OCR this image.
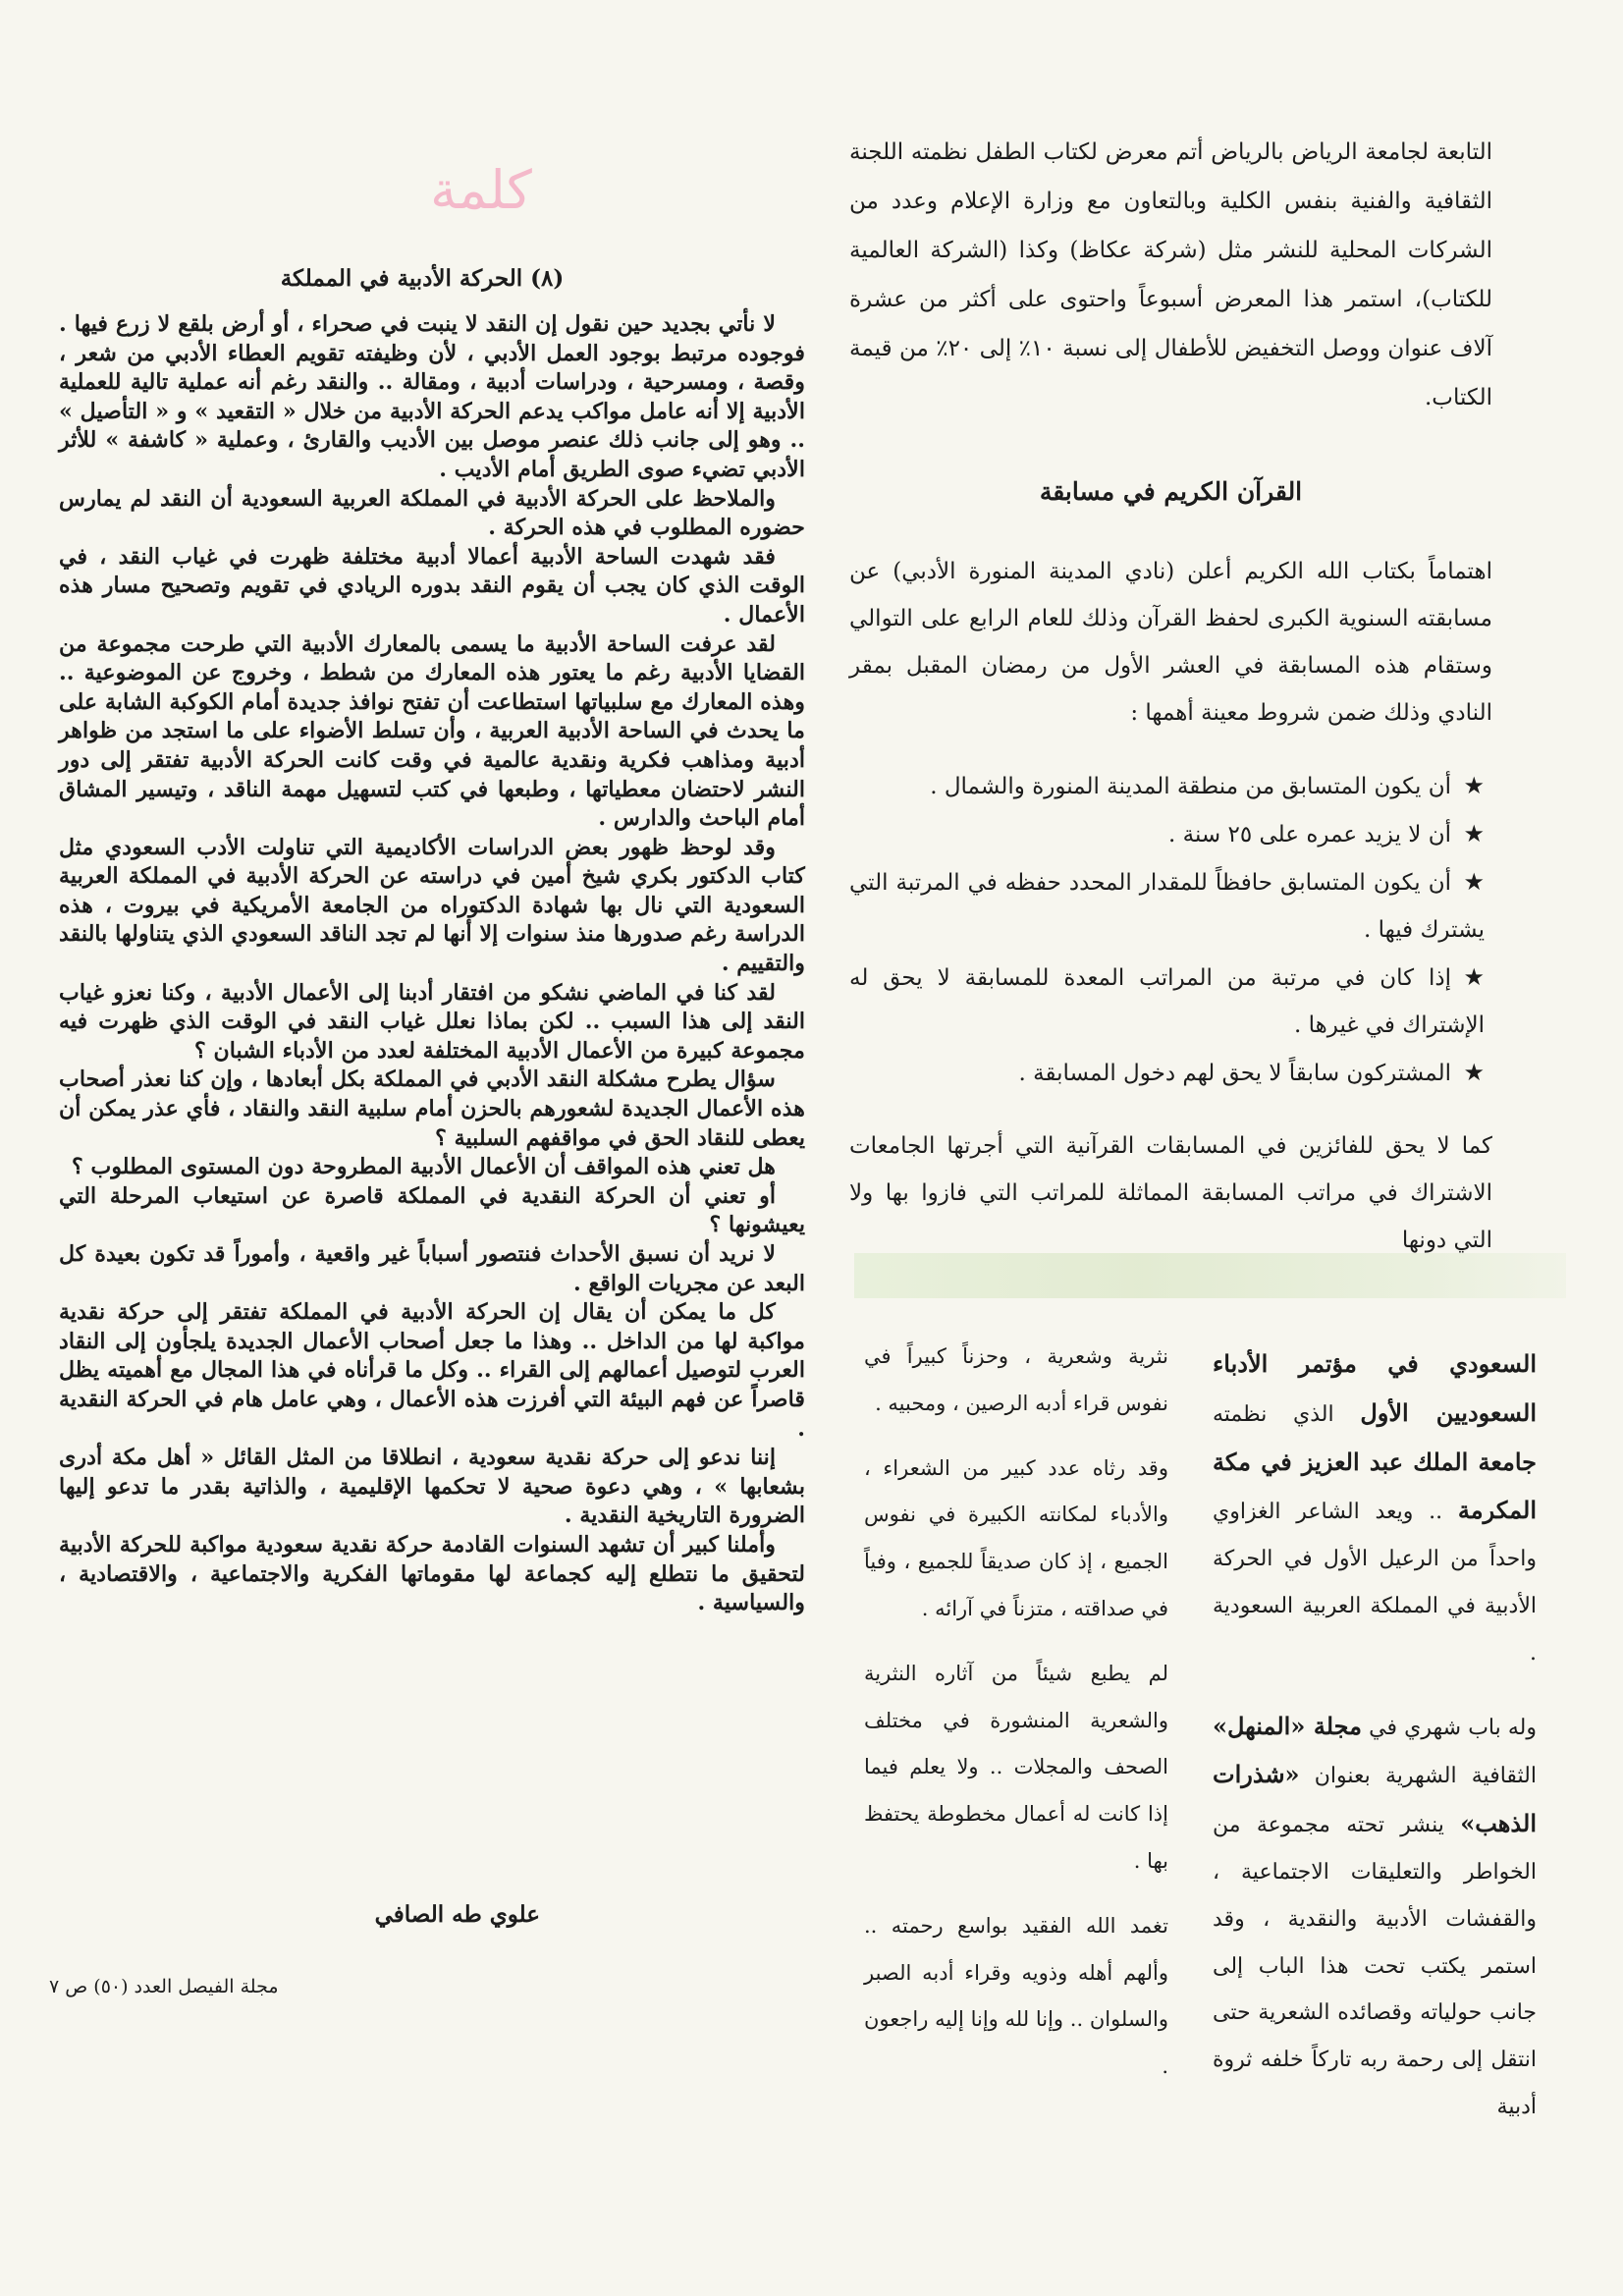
التابعة لجامعة الرياض بالرياض أتم معرض لكتاب الطفل نظمته اللجنة الثقافية والفنية بنفس الكلية وبالتعاون مع وزارة الإعلام وعدد من الشركات المحلية للنشر مثل (شركة عكاظ) وكذا (الشركة العالمية للكتاب)، استمر هذا المعرض أسبوعاً واحتوى على أكثر من عشرة آلاف عنوان ووصل التخفيض للأطفال إلى نسبة ١٠٪ إلى ٢٠٪ من قيمة الكتاب.

القرآن الكريم في مسابقة

اهتماماً بكتاب الله الكريم أعلن (نادي المدينة المنورة الأدبي) عن مسابقته السنوية الكبرى لحفظ القرآن وذلك للعام الرابع على التوالي وستقام هذه المسابقة في العشر الأول من رمضان المقبل بمقر النادي وذلك ضمن شروط معينة أهمها :

★أن يكون المتسابق من منطقة المدينة المنورة والشمال .

★أن لا يزيد عمره على ٢٥ سنة .

★أن يكون المتسابق حافظاً للمقدار المحدد حفظه في المرتبة التي يشترك فيها .

★إذا كان في مرتبة من المراتب المعدة للمسابقة لا يحق له الإشتراك في غيرها .

★المشتركون سابقاً لا يحق لهم دخول المسابقة .

كما لا يحق للفائزين في المسابقات القرآنية التي أجرتها الجامعات الاشتراك في مراتب المسابقة المماثلة للمراتب التي فازوا بها ولا التي دونها

كلمة
(٨) الحركة الأدبية في المملكة

لا نأتي بجديد حين نقول إن النقد لا ينبت في صحراء ، أو أرض بلقع لا زرع فيها . فوجوده مرتبط بوجود العمل الأدبي ، لأن وظيفته تقويم العطاء الأدبي من شعر ، وقصة ، ومسرحية ، ودراسات أدبية ، ومقالة .. والنقد رغم أنه عملية تالية للعملية الأدبية إلا أنه عامل مواكب يدعم الحركة الأدبية من خلال « التقعيد » و « التأصيل » .. وهو إلى جانب ذلك عنصر موصل بين الأديب والقارئ ، وعملية « كاشفة » للأثر الأدبي تضيء صوى الطريق أمام الأديب .

والملاحظ على الحركة الأدبية في المملكة العربية السعودية أن النقد لم يمارس حضوره المطلوب في هذه الحركة .

فقد شهدت الساحة الأدبية أعمالا أدبية مختلفة ظهرت في غياب النقد ، في الوقت الذي كان يجب أن يقوم النقد بدوره الريادي في تقويم وتصحيح مسار هذه الأعمال .

لقد عرفت الساحة الأدبية ما يسمى بالمعارك الأدبية التي طرحت مجموعة من القضايا الأدبية رغم ما يعتور هذه المعارك من شطط ، وخروج عن الموضوعية .. وهذه المعارك مع سلبياتها استطاعت أن تفتح نوافذ جديدة أمام الكوكبة الشابة على ما يحدث في الساحة الأدبية العربية ، وأن تسلط الأضواء على ما استجد من ظواهر أدبية ومذاهب فكرية ونقدية عالمية في وقت كانت الحركة الأدبية تفتقر إلى دور النشر لاحتضان معطياتها ، وطبعها في كتب لتسهيل مهمة الناقد ، وتيسير المشاق أمام الباحث والدارس .

وقد لوحظ ظهور بعض الدراسات الأكاديمية التي تناولت الأدب السعودي مثل كتاب الدكتور بكري شيخ أمين في دراسته عن الحركة الأدبية في المملكة العربية السعودية التي نال بها شهادة الدكتوراه من الجامعة الأمريكية في بيروت ، هذه الدراسة رغم صدورها منذ سنوات إلا أنها لم تجد الناقد السعودي الذي يتناولها بالنقد والتقييم .

لقد كنا في الماضي نشكو من افتقار أدبنا إلى الأعمال الأدبية ، وكنا نعزو غياب النقد إلى هذا السبب .. لكن بماذا نعلل غياب النقد في الوقت الذي ظهرت فيه مجموعة كبيرة من الأعمال الأدبية المختلفة لعدد من الأدباء الشبان ؟

سؤال يطرح مشكلة النقد الأدبي في المملكة بكل أبعادها ، وإن كنا نعذر أصحاب هذه الأعمال الجديدة لشعورهم بالحزن أمام سلبية النقد والنقاد ، فأي عذر يمكن أن يعطى للنقاد الحق في مواقفهم السلبية ؟

هل تعني هذه المواقف أن الأعمال الأدبية المطروحة دون المستوى المطلوب ؟

أو تعني أن الحركة النقدية في المملكة قاصرة عن استيعاب المرحلة التي يعيشونها ؟

لا نريد أن نسبق الأحداث فنتصور أسباباً غير واقعية ، وأموراً قد تكون بعيدة كل البعد عن مجريات الواقع .

كل ما يمكن أن يقال إن الحركة الأدبية في المملكة تفتقر إلى حركة نقدية مواكبة لها من الداخل .. وهذا ما جعل أصحاب الأعمال الجديدة يلجأون إلى النقاد العرب لتوصيل أعمالهم إلى القراء .. وكل ما قرأناه في هذا المجال مع أهميته يظل قاصراً عن فهم البيئة التي أفرزت هذه الأعمال ، وهي عامل هام في الحركة النقدية .

إننا ندعو إلى حركة نقدية سعودية ، انطلاقا من المثل القائل « أهل مكة أدرى بشعابها » ، وهي دعوة صحية لا تحكمها الإقليمية ، والذاتية بقدر ما تدعو إليها الضرورة التاريخية النقدية .

وأملنا كبير أن تشهد السنوات القادمة حركة نقدية سعودية مواكبة للحركة الأدبية لتحقيق ما نتطلع إليه كجماعة لها مقوماتها الفكرية والاجتماعية ، والاقتصادية ، والسياسية .

علوي طه الصافي

السعودي في مؤتمر الأدباء السعوديين الأول الذي نظمته جامعة الملك عبد العزيز في مكة المكرمة .. ويعد الشاعر الغزاوي واحداً من الرعيل الأول في الحركة الأدبية في المملكة العربية السعودية .

وله باب شهري في مجلة «المنهل» الثقافية الشهرية بعنوان «شذرات الذهب» ينشر تحته مجموعة من الخواطر والتعليقات الاجتماعية ، والقفشات الأدبية والنقدية ، وقد استمر يكتب تحت هذا الباب إلى جانب حولياته وقصائده الشعرية حتى انتقل إلى رحمة ربه تاركاً خلفه ثروة أدبية

نثرية وشعرية ، وحزناً كبيراً في نفوس قراء أدبه الرصين ، ومحبيه .

وقد رثاه عدد كبير من الشعراء ، والأدباء لمكانته الكبيرة في نفوس الجميع ، إذ كان صديقاً للجميع ، وفياً في صداقته ، متزناً في آرائه .

لم يطبع شيئاً من آثاره النثرية والشعرية المنشورة في مختلف الصحف والمجلات .. ولا يعلم فيما إذا كانت له أعمال مخطوطة يحتفظ بها .

تغمد الله الفقيد بواسع رحمته .. وألهم أهله وذويه وقراء أدبه الصبر والسلوان .. وإنا لله وإنا إليه راجعون .

مجلة الفيصل العدد (٥٠) ص ٧
